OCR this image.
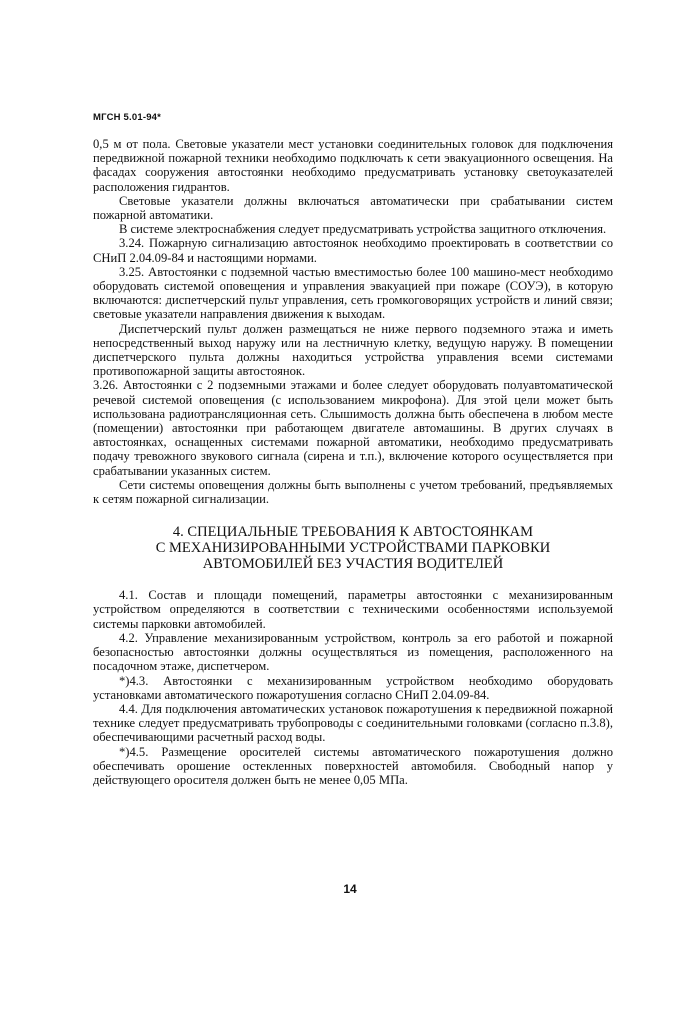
МГСН 5.01-94*

0,5 м от пола. Световые указатели мест установки соединительных головок для подключения передвижной пожарной техники необходимо подключать к сети эвакуационного освещения. На фасадах сооружения автостоянки необходимо предусматривать установку светоуказателей расположения гидрантов.

Световые указатели должны включаться автоматически при срабатывании систем пожарной автоматики.

В системе электроснабжения следует предусматривать устройства защитного отключения.

3.24. Пожарную сигнализацию автостоянок необходимо проектировать в соответствии со СНиП 2.04.09-84 и настоящими нормами.

3.25. Автостоянки с подземной частью вместимостью более 100 машино-мест необходимо оборудовать системой оповещения и управления эвакуацией при пожаре (СОУЭ), в которую включаются: диспетчерский пульт управления, сеть громкоговорящих устройств и линий связи; световые указатели направления движения к выходам.

Диспетчерский пульт должен размещаться не ниже первого подземного этажа и иметь непосредственный выход наружу или на лестничную клетку, ведущую наружу. В помещении диспетчерского пульта должны находиться устройства управления всеми системами противопожарной защиты автостоянок.

3.26. Автостоянки с 2 подземными этажами и более следует оборудовать полуавтоматической речевой системой оповещения (с использованием микрофона). Для этой цели может быть использована радиотрансляционная сеть. Слышимость должна быть обеспечена в любом месте (помещении) автостоянки при работающем двигателе автомашины. В других случаях в автостоянках, оснащенных системами пожарной автоматики, необходимо предусматривать подачу тревожного звукового сигнала (сирена и т.п.), включение которого осуществляется при срабатывании указанных систем.

Сети системы оповещения должны быть выполнены с учетом требований, предъявляемых к сетям пожарной сигнализации.

4. СПЕЦИАЛЬНЫЕ ТРЕБОВАНИЯ К АВТОСТОЯНКАМ
С МЕХАНИЗИРОВАННЫМИ УСТРОЙСТВАМИ ПАРКОВКИ
АВТОМОБИЛЕЙ БЕЗ УЧАСТИЯ ВОДИТЕЛЕЙ

4.1. Состав и площади помещений, параметры автостоянки с механизированным устройством определяются в соответствии с техническими особенностями используемой системы парковки автомобилей.

4.2. Управление механизированным устройством, контроль за его работой и пожарной безопасностью автостоянки должны осуществляться из помещения, расположенного на посадочном этаже, диспетчером.

*)4.3. Автостоянки с механизированным устройством необходимо оборудовать установками автоматического пожаротушения согласно СНиП 2.04.09-84.

4.4. Для подключения автоматических установок пожаротушения к передвижной пожарной технике следует предусматривать трубопроводы с соединительными головками (согласно п.3.8), обеспечивающими расчетный расход воды.

*)4.5. Размещение оросителей системы автоматического пожаротушения должно обеспечивать орошение остекленных поверхностей автомобиля. Свободный напор у действующего оросителя должен быть не менее 0,05 МПа.

14
